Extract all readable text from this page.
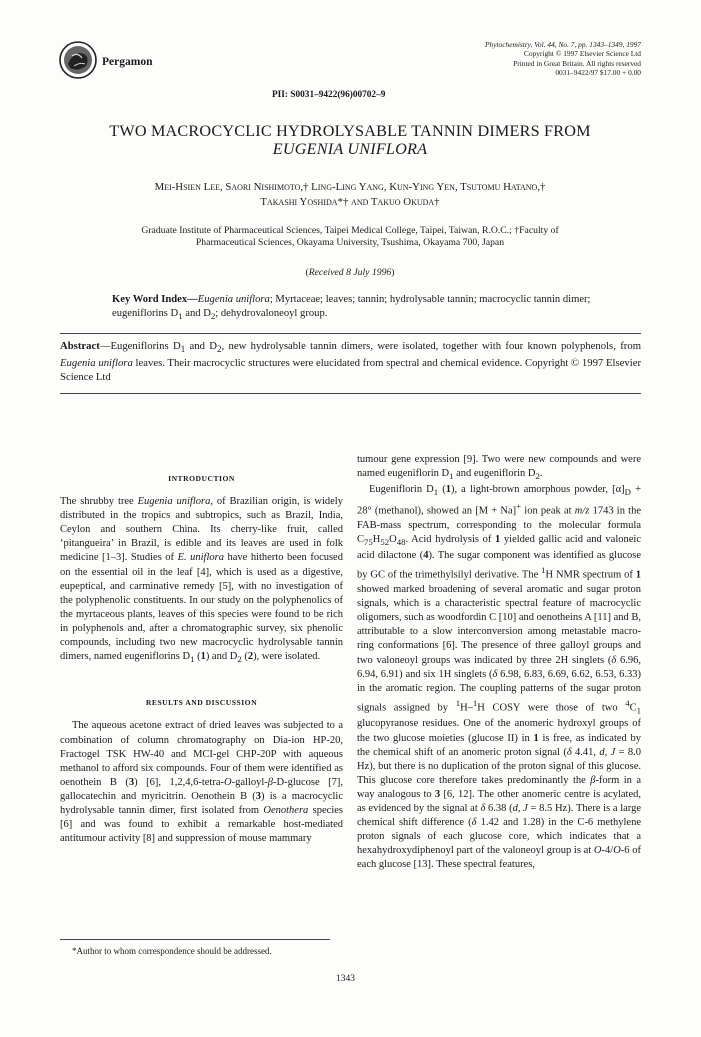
Pergamon
Phytochemistry, Vol. 44, No. 7, pp. 1343–1349, 1997
Copyright © 1997 Elsevier Science Ltd
Printed in Great Britain. All rights reserved
0031–9422/97 $17.00 + 0.00
PII: S0031–9422(96)00702–9
TWO MACROCYCLIC HYDROLYSABLE TANNIN DIMERS FROM
EUGENIA UNIFLORA
Mei-Hsien Lee, Saori Nishimoto,† Ling-Ling Yang, Kun-Ying Yen, Tsutomu Hatano,†
Takashi Yoshida*† and Takuo Okuda†
Graduate Institute of Pharmaceutical Sciences, Taipei Medical College, Taipei, Taiwan, R.O.C.; †Faculty of
Pharmaceutical Sciences, Okayama University, Tsushima, Okayama 700, Japan
(Received 8 July 1996)
Key Word Index—Eugenia uniflora; Myrtaceae; leaves; tannin; hydrolysable tannin; macrocyclic tannin dimer; eugeniflorins $D_1$ and $D_2$; dehydrovaloneoyl group.
Abstract—Eugeniflorins $D_1$ and $D_2$, new hydrolysable tannin dimers, were isolated, together with four known polyphenols, from Eugenia uniflora leaves. Their macrocyclic structures were elucidated from spectral and chemical evidence. Copyright © 1997 Elsevier Science Ltd

INTRODUCTION

The shrubby tree Eugenia uniflora, of Brazilian origin, is widely distributed in the tropics and subtropics, such as Brazil, India, Ceylon and southern China. Its cherry-like fruit, called ‘pitangueira’ in Brazil, is edible and its leaves are used in folk medicine [1–3]. Studies of E. uniflora have hitherto been focused on the essential oil in the leaf [4], which is used as a digestive, eupeptical, and carminative remedy [5], with no investigation of the polyphenolic constituents. In our study on the polyphenolics of the myrtaceous plants, leaves of this species were found to be rich in polyphenols and, after a chromatographic survey, six phenolic compounds, including two new macrocyclic hydrolysable tannin dimers, named eugeniflorins $D_1$ (1) and $D_2$ (2), were isolated.

RESULTS AND DISCUSSION

The aqueous acetone extract of dried leaves was subjected to a combination of column chromatography on Dia-ion HP-20, Fractogel TSK HW-40 and MCI-gel CHP-20P with aqueous methanol to afford six compounds. Four of them were identified as oenothein B (3) [6], 1,2,4,6-tetra-O-galloyl-β-D-glucose [7], gallocatechin and myricitrin. Oenothein B (3) is a macrocyclic hydrolysable tannin dimer, first isolated from Oenothera species [6] and was found to exhibit a remarkable host-mediated antitumour activity [8] and suppression of mouse mammary

tumour gene expression [9]. Two were new compounds and were named eugeniflorin $D_1$ and eugeniflorin $D_2$.

Eugeniflorin $D_1$ (1), a light-brown amorphous powder, $[\alpha]_D + 28^\circ$ (methanol), showed an [M + Na]+ ion peak at m/z 1743 in the FAB-mass spectrum, corresponding to the molecular formula $C_{75}H_{52}O_{48}$. Acid hydrolysis of 1 yielded gallic acid and valoneic acid dilactone (4). The sugar component was identified as glucose by GC of the trimethylsilyl derivative. The $^1$H NMR spectrum of 1 showed marked broadening of several aromatic and sugar proton signals, which is a characteristic spectral feature of macrocyclic oligomers, such as woodfordin C [10] and oenotheins A [11] and B, attributable to a slow interconversion among metastable macro-ring conformations [6]. The presence of three galloyl groups and two valoneoyl groups was indicated by three 2H singlets (δ 6.96, 6.94, 6.91) and six 1H singlets (δ 6.98, 6.83, 6.69, 6.62, 6.53, 6.33) in the aromatic region. The coupling patterns of the sugar proton signals assigned by $^1$H–$^1$H COSY were those of two $^4C_1$ glucopyranose residues. One of the anomeric hydroxyl groups of the two glucose moieties (glucose II) in 1 is free, as indicated by the chemical shift of an anomeric proton signal (δ 4.41, d, J = 8.0 Hz), but there is no duplication of the proton signal of this glucose. This glucose core therefore takes predominantly the β-form in a way analogous to 3 [6, 12]. The other anomeric centre is acylated, as evidenced by the signal at δ 6.38 (d, J = 8.5 Hz). There is a large chemical shift difference (δ 1.42 and 1.28) in the C-6 methylene proton signals of each glucose core, which indicates that a hexahydroxydiphenoyl part of the valoneoyl group is at O-4/O-6 of each glucose [13]. These spectral features,

*Author to whom correspondence should be addressed.
1343
